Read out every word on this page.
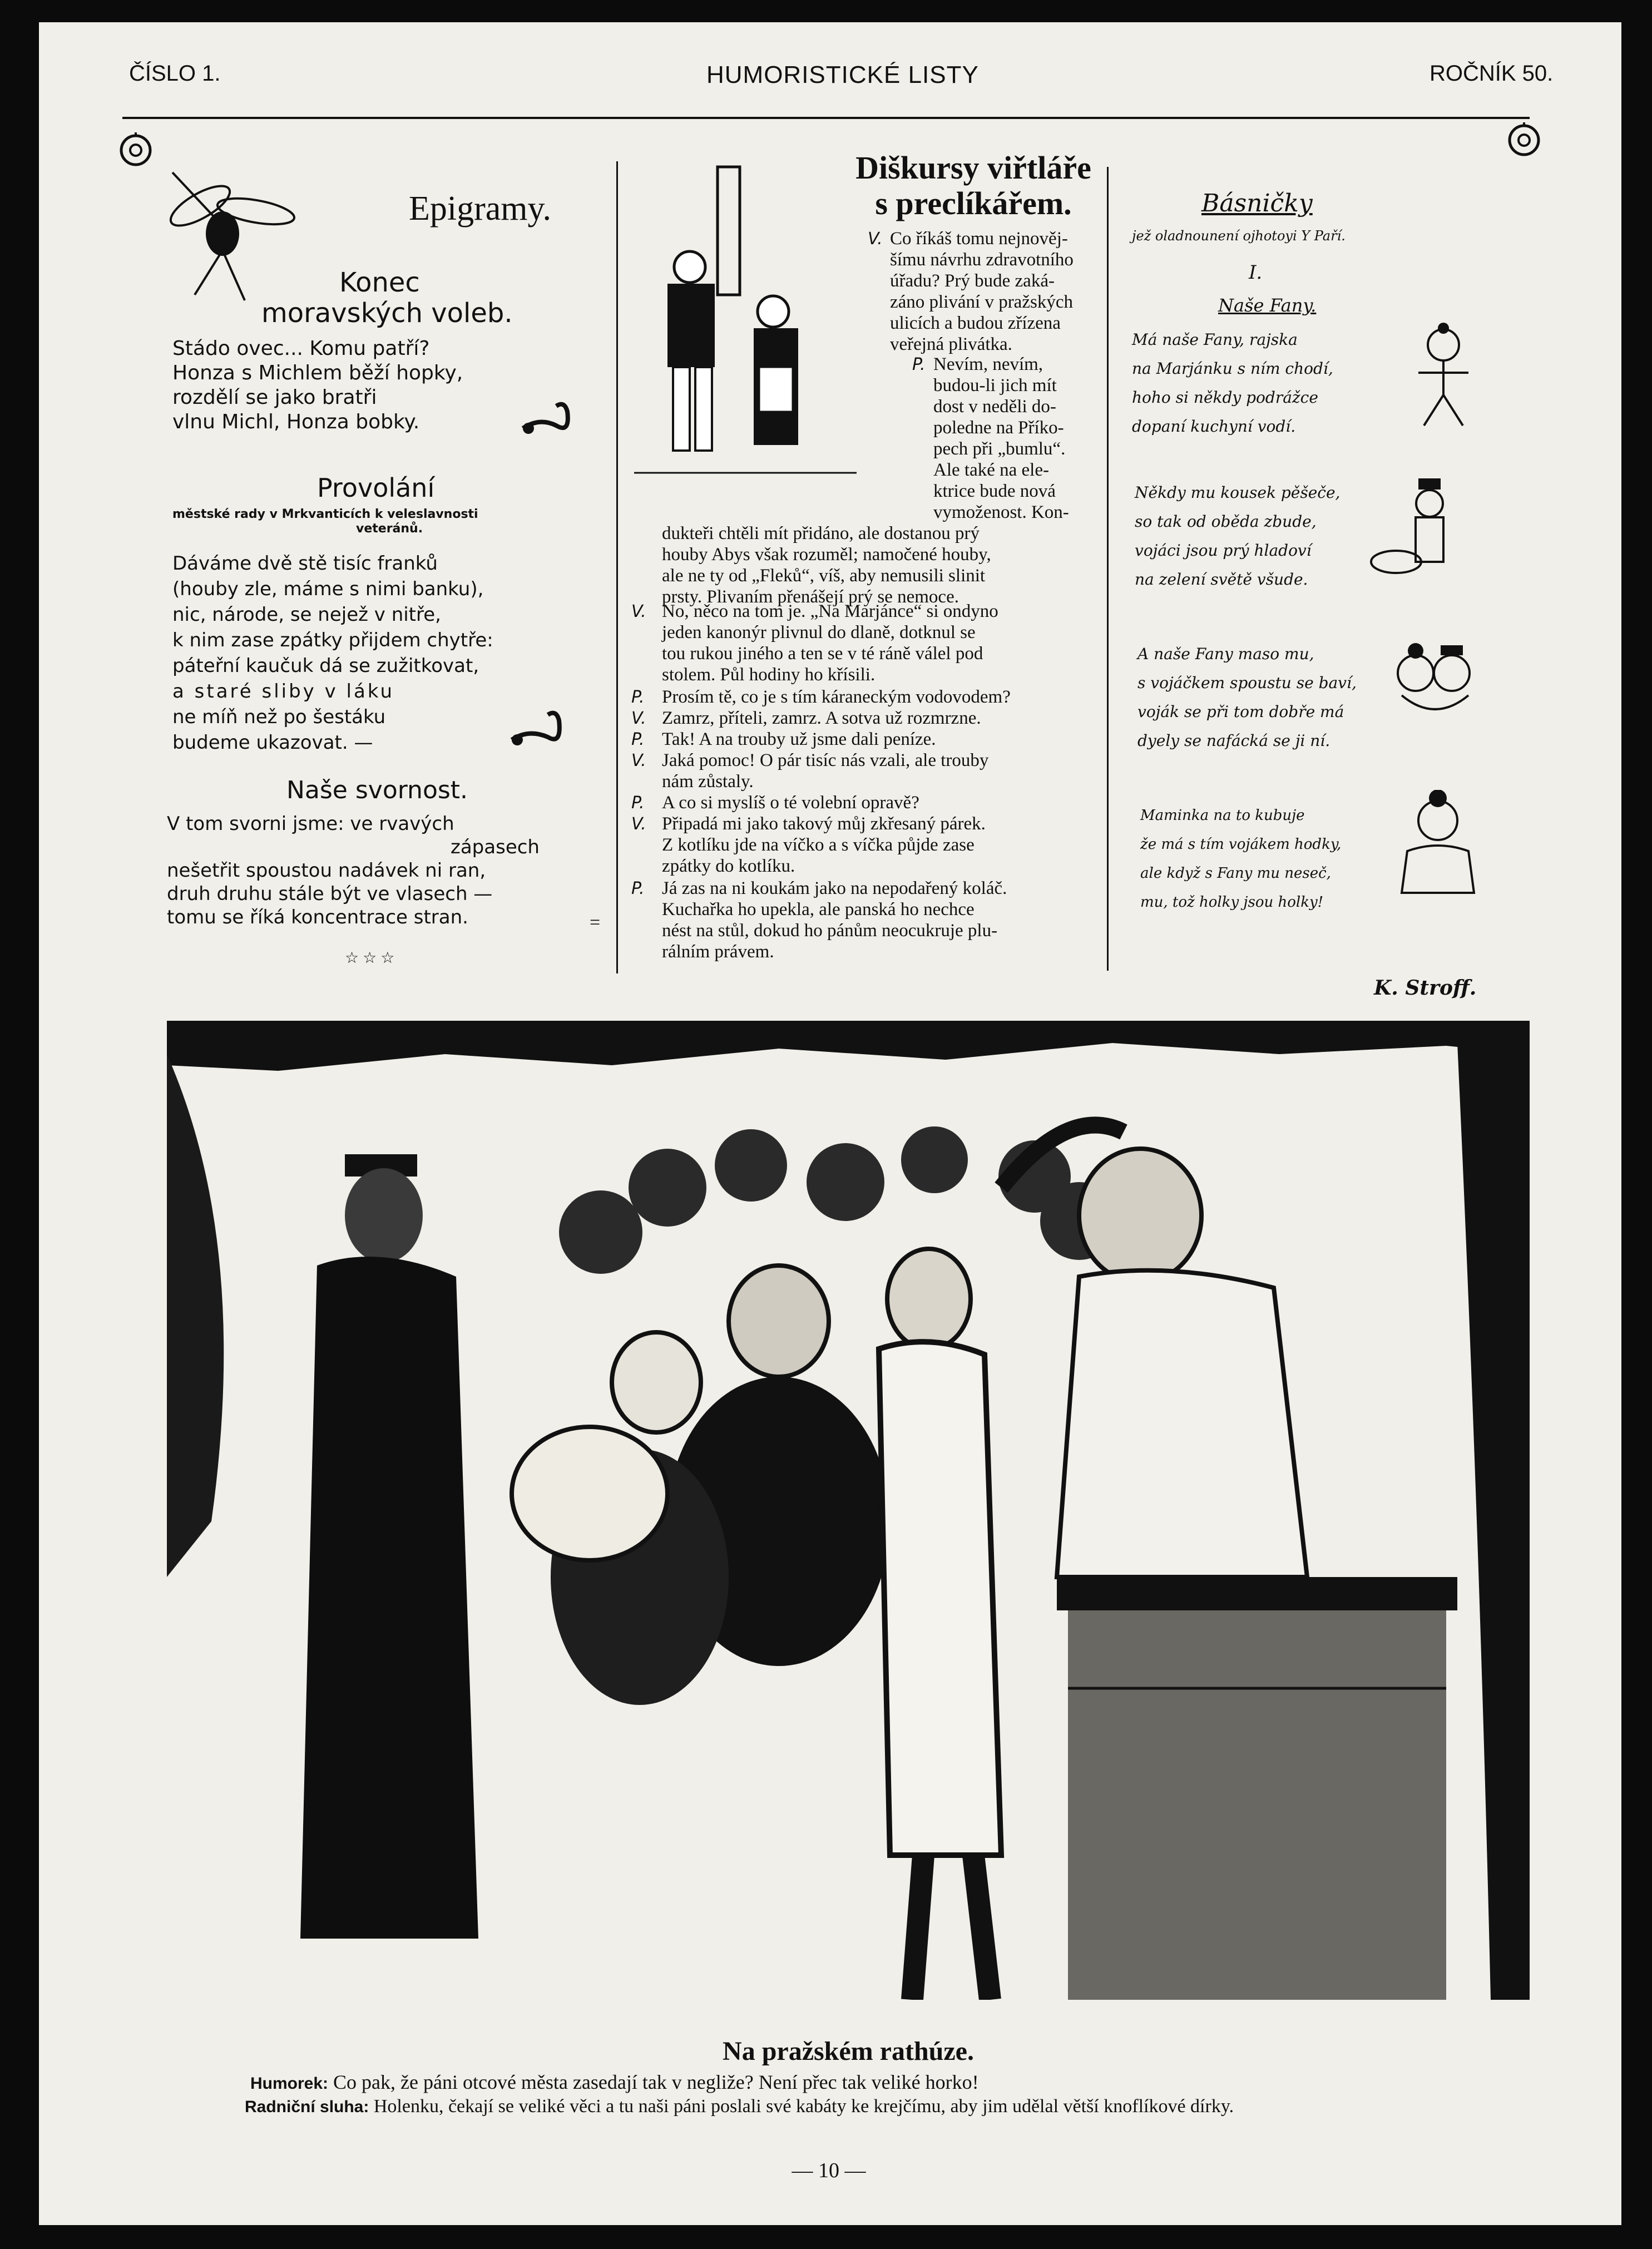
ČÍSLO 1.	HUMORISTICKÉ LISTY	ROČNÍK 50.
Epigramy.
Konec
moravských voleb.
Stádo ovec... Komu patří?
Honza s Michlem běží hopky,
rozdělí se jako bratři
vlnu Michl, Honza bobky.
Provolání
městské rady v Mrkvanticích k veleslavnosti
veteránů.
Dáváme dvě stě tisíc franků
(houby zle, máme s nimi banku),
nic, národe, se nejež v nitře,
k nim zase zpátky přijdem chytře:
páteřní kaučuk dá se zužitkovat,
a staré sliby v láku
ne míň než po šestáku
budeme ukazovat. —
Naše svornost.
V tom svorni jsme: ve rvavých
zápasech
nešetřit spoustou nadávek ni ran,
druh druhu stále být ve vlasech —
tomu se říká koncentrace stran.	=
☆ ☆ ☆
Diškursy viřtláře
s preclíkářem.
V. Co říkáš tomu nejnověj-
šímu návrhu zdravotního
úřadu? Prý bude zaká-
záno plivání v pražských
ulicích a budou zřízena
veřejná plivátka.
P. Nevím, nevím,
budou-li jich mít
dost v neděli do-
poledne na Příko-
pech při „bumlu“.
Ale také na ele-
ktrice bude nová
vymoženost. Kon-
dukteři chtěli mít přidáno, ale dostanou prý
houby Abys však rozuměl; namočené houby,
ale ne ty od „Fleků“, víš, aby nemusili slinit
prsty. Plivaním přenášejí prý se nemoce.
V. No, něco na tom je. „Na Marjánce“ si ondyno
jeden kanonýr plivnul do dlaně, dotknul se
tou rukou jiného a ten se v té ráně válel pod
stolem. Půl hodiny ho křísili.
P. Prosím tě, co je s tím káraneckým vodovodem?
V. Zamrz, příteli, zamrz. A sotva už rozmrzne.
P. Tak! A na trouby už jsme dali peníze.
V. Jaká pomoc! O pár tisíc nás vzali, ale trouby
nám zůstaly.
P. A co si myslíš o té volební opravě?
V. Připadá mi jako takový můj zkřesaný párek.
Z kotlíku jde na víčko a s víčka půjde zase
zpátky do kotlíku.
P. Já zas na ni koukám jako na nepodařený koláč.
Kuchařka ho upekla, ale panská ho nechce
nést na stůl, dokud ho pánům neocukruje plu-
rálním právem.
Básničky
jež oladnounení ojhotoyi Y Paří.
I.
Naše Fany.
Má naše Fany, rajska
na Marjánku s ním chodí,
hoho si někdy podrážce
dopaní kuchyní vodí.
Někdy mu kousek pěšeče,
so tak od oběda zbude,
vojáci jsou prý hladoví
na zelení světě všude.
A naše Fany maso mu,
s vojáčkem spoustu se baví,
voják se při tom dobře má
dyely se nafácká se ji ní.
Maminka na to kubuje
že má s tím vojákem hodky,
ale když s Fany mu neseč,
mu, tož holky jsou holky!
K. Stroff.
Na pražském rathúze.
Humorek: Co pak, že páni otcové města zasedají tak v negliže? Není přec tak veliké horko!
Radniční sluha: Holenku, čekají se veliké věci a tu naši páni poslali své kabáty ke krejčímu, aby jim udělal větší knoflíkové dírky.
— 10 —
